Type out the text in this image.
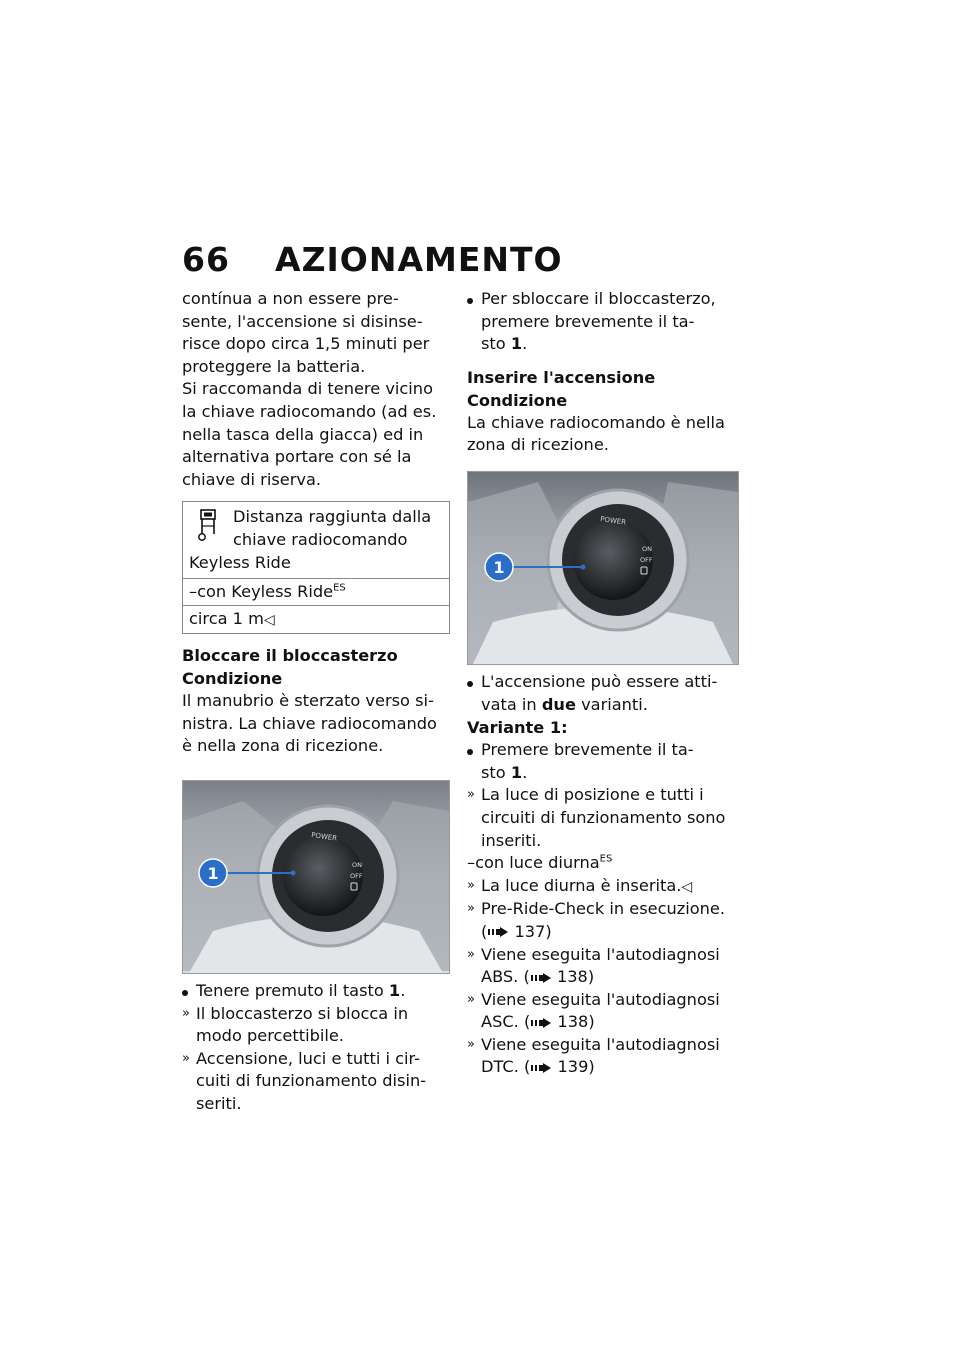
66 AZIONAMENTO
contínua a non essere pre-
sente, l'accensione si disinse-
risce dopo circa 1,5 minuti per
proteggere la batteria.
Si raccomanda di tenere vicino
la chiave radiocomando (ad es.
nella tasca della giacca) ed in
alternativa portare con sé la
chiave di riserva.
Distanza raggiunta dalla
chiave radiocomando
Keyless Ride
–con Keyless Ride$^{ES}$
circa 1 m◁
Bloccare il bloccasterzo
Condizione
Il manubrio è sterzato verso si-
nistra. La chiave radiocomando
è nella zona di ricezione.
POWER
ON
OFF
1
Tenere premuto il tasto 1.
» Il bloccasterzo si blocca in
modo percettibile.
» Accensione, luci e tutti i cir-
cuiti di funzionamento disin-
seriti.
Per sbloccare il bloccasterzo,
premere brevemente il ta-
sto 1.
Inserire l'accensione
Condizione
La chiave radiocomando è nella
zona di ricezione.
POWER
ON
OFF
1
L'accensione può essere atti-
vata in due varianti.
Variante 1:
Premere brevemente il ta-
sto 1.
» La luce di posizione e tutti i
circuiti di funzionamento sono
inseriti.
–con luce diurna$^{ES}$
» La luce diurna è inserita.◁
» Pre-Ride-Check in esecuzione.
( 137)
» Viene eseguita l'autodiagnosi
ABS. ( 138)
» Viene eseguita l'autodiagnosi
ASC. ( 138)
» Viene eseguita l'autodiagnosi
DTC. ( 139)
